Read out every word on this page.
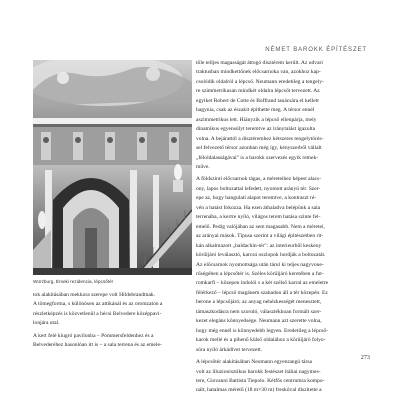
NÉMET BAROKK ÉPÍTÉSZET
Würzburg, Érseki rezidencia, lépcsőtér
tőle telljes magasságát áttogó disztérem került. Az udvari
traktusban mindkettőnek előcsarnoka van, azokhoz kap-
csolódik oldalról a lépcső. Neumann eredetileg a tengely-
re szimmetrikusan mindkét oldalra lépcsőt tervezett. Az
egyiket Robert de Cotte és Boffrand tanácsára el kellett
hagynia, csak az északit építhette meg. A térsor ennél
aszimmetrikus lett. Hiányzik a lépcső ellenpárja, mely
dinamikus egyensúlyt teremtve az iránytalást igazolta
volna. A bejárattól a disztéremhez kétszeres tengelytörés-
sel felvezető térsor azonban még így, kényszerből vállalt
„féloldalasságával" is a barokk szervezés egyik remek-
műve.
A földszinti előcsarnok tágas, a méreteihez képest alacs-
ony, lapos boltozattal lefedett, nyomott arányú tér. Szer-
epe az, hogy hangulati alapot teremtve, a kontraszt ré-
vén a hatást fokozza. Ha ezen áthaladva belépünk a sala
terrenába, a kertre nyíló, világos terem hatása szinte fel-
emelő. Pedig valójában az sem magasabb. Nem a méretei,
az arányai mások. Típusa szerint a világi építészetben rit-
kán alkalmazott „baldachin-tér": az interieurből keskeny
körüljáró leválasztó, karcsú oszlopok hordják a boltozatát.
Az előcsarnok nyomottsága után tárul ki teljes nagyvone-
rűségében a lépcsőtér is. Széles körüljáró keretében a fut-
romkarfi – közepen indulói s a két szélső karral az emeletre
félérkező – lépcső magánem szabadon áll a tér közepén. Ez
berone a lépcsőjáró; az anyag nehézkességét menesztett,
támaszkodásra nem szoruló, választékkoan formált szer-
kezet elegáns könnyedsége. Neumann azt szerette volna,
hogy még ennél is könnyedebb legyen. Eredetileg a lépcső-
karok mellé és a pihenő külső oldalához a körüljáró folyo-
sóra nyíló árkádívet tervezett.
A lépcsőtér alakításában Neumann egyenrangú társa
volt az illuzionisztikus barokk festészet itáliai nagymes-
tere, Giovanni Battista Tiepolo. Kétfős centrumra kompo-
nált, hatalmas méretű (18 m×30 m) freskóval díszítette a
tok alakításában mekkora szerepe volt Hildebrandtnak.
A tömegforma, s különösen az attikánál és az oromzaton a
részletképzés is közvetlenül a bécsi Belvedere középpavi-
lonjára utal.
A kert felé kiugró pavilonba – Pommersfeldenhez és a
Belvederéhez hasonlóan itt is – a sala terrena és az emele-
273
